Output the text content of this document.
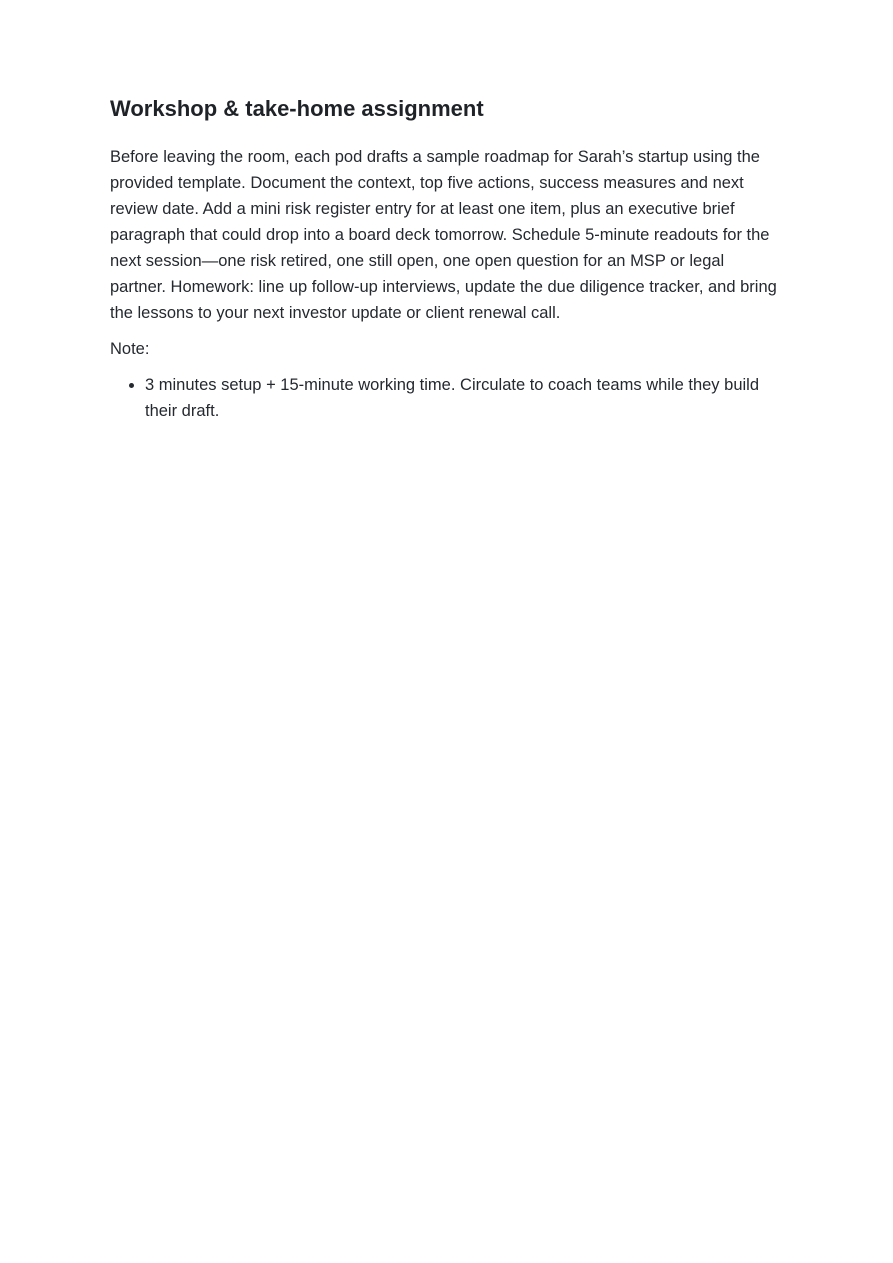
Workshop & take-home assignment

Before leaving the room, each pod drafts a sample roadmap for Sarah’s startup using the provided template. Document the context, top five actions, success measures and next review date. Add a mini risk register entry for at least one item, plus an executive brief paragraph that could drop into a board deck tomorrow. Schedule 5-minute readouts for the next session—one risk retired, one still open, one open question for an MSP or legal partner. Homework: line up follow-up interviews, update the due diligence tracker, and bring the lessons to your next investor update or client renewal call.

Note:

• 3 minutes setup + 15-minute working time. Circulate to coach teams while they build their draft.
